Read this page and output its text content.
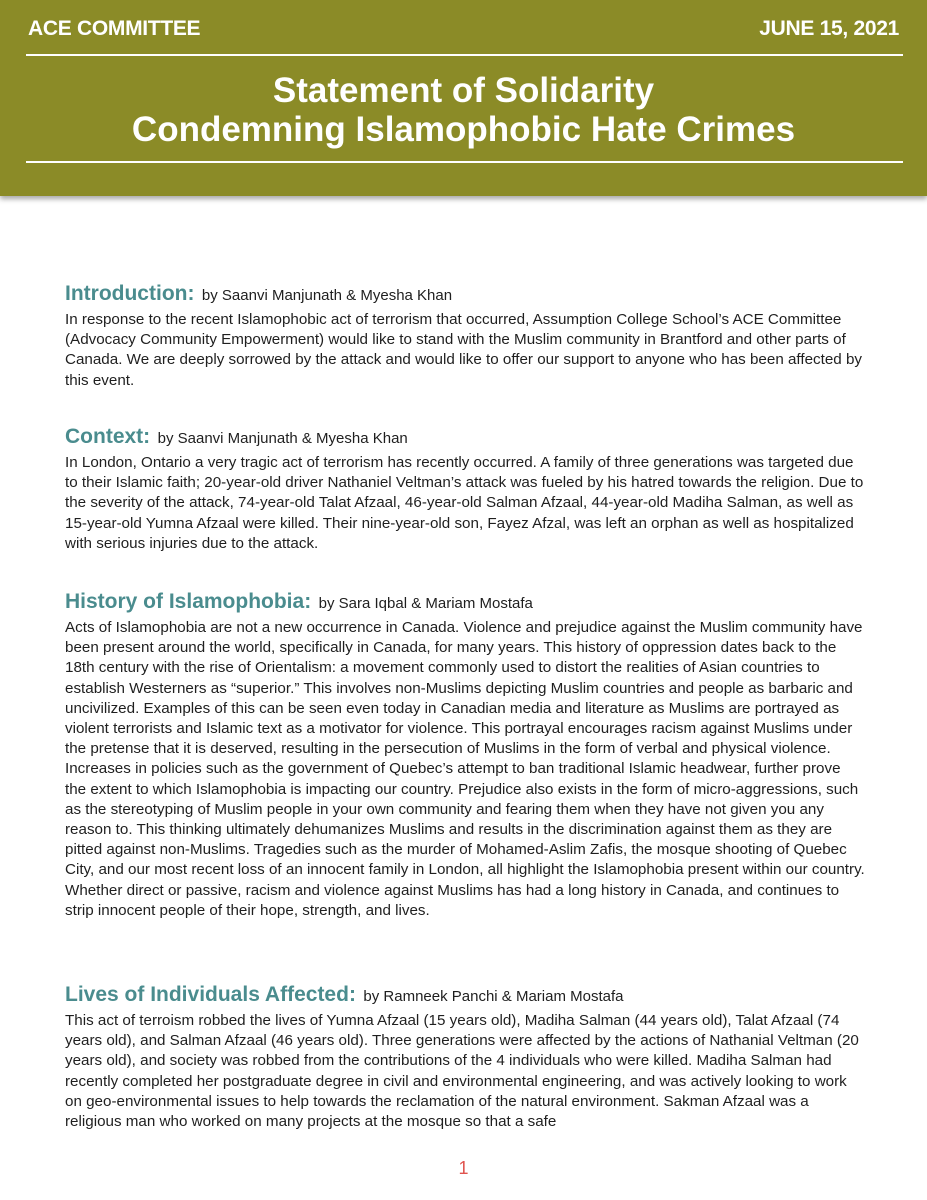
ACE COMMITTEE	JUNE 15, 2021
Statement of Solidarity
Condemning Islamophobic Hate Crimes
Introduction: by Saanvi Manjunath & Myesha Khan

In response to the recent Islamophobic act of terrorism that occurred, Assumption College School’s ACE Committee (Advocacy Community Empowerment) would like to stand with the Muslim community in Brantford and other parts of Canada. We are deeply sorrowed by the attack and would like to offer our support to anyone who has been affected by this event.

Context: by Saanvi Manjunath & Myesha Khan

In London, Ontario a very tragic act of terrorism has recently occurred. A family of three generations was targeted due to their Islamic faith; 20-year-old driver Nathaniel Veltman’s attack was fueled by his hatred towards the religion. Due to the severity of the attack, 74-year-old Talat Afzaal, 46-year-old Salman Afzaal, 44-year-old Madiha Salman, as well as 15-year-old Yumna Afzaal were killed. Their nine-year-old son, Fayez Afzal, was left an orphan as well as hospitalized with serious injuries due to the attack.

History of Islamophobia: by Sara Iqbal & Mariam Mostafa

Acts of Islamophobia are not a new occurrence in Canada. Violence and prejudice against the Muslim community have been present around the world, specifically in Canada, for many years. This history of oppression dates back to the 18th century with the rise of Orientalism: a movement commonly used to distort the realities of Asian countries to establish Westerners as “superior.” This involves non-Muslims depicting Muslim countries and people as barbaric and uncivilized. Examples of this can be seen even today in Canadian media and literature as Muslims are portrayed as violent terrorists and Islamic text as a motivator for violence. This portrayal encourages racism against Muslims under the pretense that it is deserved, resulting in the persecution of Muslims in the form of verbal and physical violence. Increases in policies such as the government of Quebec’s attempt to ban traditional Islamic headwear, further prove the extent to which Islamophobia is impacting our country. Prejudice also exists in the form of micro-aggressions, such as the stereotyping of Muslim people in your own community and fearing them when they have not given you any reason to. This thinking ultimately dehumanizes Muslims and results in the discrimination against them as they are pitted against non-Muslims. Tragedies such as the murder of Mohamed-Aslim Zafis, the mosque shooting of Quebec City, and our most recent loss of an innocent family in London, all highlight the Islamophobia present within our country. Whether direct or passive, racism and violence against Muslims has had a long history in Canada, and continues to strip innocent people of their hope, strength, and lives.

Lives of Individuals Affected: by Ramneek Panchi & Mariam Mostafa

This act of terroism robbed the lives of Yumna Afzaal (15 years old), Madiha Salman (44 years old), Talat Afzaal (74 years old), and Salman Afzaal (46 years old). Three generations were affected by the actions of Nathanial Veltman (20 years old), and society was robbed from the contributions of the 4 individuals who were killed. Madiha Salman had recently completed her postgraduate degree in civil and environmental engineering, and was actively looking to work on geo-environmental issues to help towards the reclamation of the natural environment. Sakman Afzaal was a religious man who worked on many projects at the mosque so that a safe

1
